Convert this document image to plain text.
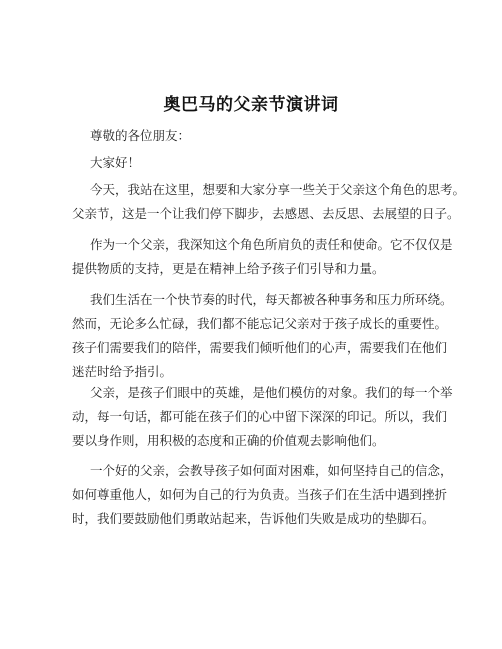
奥巴马的父亲节演讲词

尊敬的各位朋友：

大家好！

今天，我站在这里，想要和大家分享一些关于父亲这个角色的思考。
父亲节，这是一个让我们停下脚步，去感恩、去反思、去展望的日子。

作为一个父亲，我深知这个角色所肩负的责任和使命。它不仅仅是
提供物质的支持，更是在精神上给予孩子们引导和力量。

我们生活在一个快节奏的时代，每天都被各种事务和压力所环绕。
然而，无论多么忙碌，我们都不能忘记父亲对于孩子成长的重要性。
孩子们需要我们的陪伴，需要我们倾听他们的心声，需要我们在他们
迷茫时给予指引。

父亲，是孩子们眼中的英雄，是他们模仿的对象。我们的每一个举
动，每一句话，都可能在孩子们的心中留下深深的印记。所以，我们
要以身作则，用积极的态度和正确的价值观去影响他们。

一个好的父亲，会教导孩子如何面对困难，如何坚持自己的信念，
如何尊重他人，如何为自己的行为负责。当孩子们在生活中遇到挫折
时，我们要鼓励他们勇敢站起来，告诉他们失败是成功的垫脚石。
